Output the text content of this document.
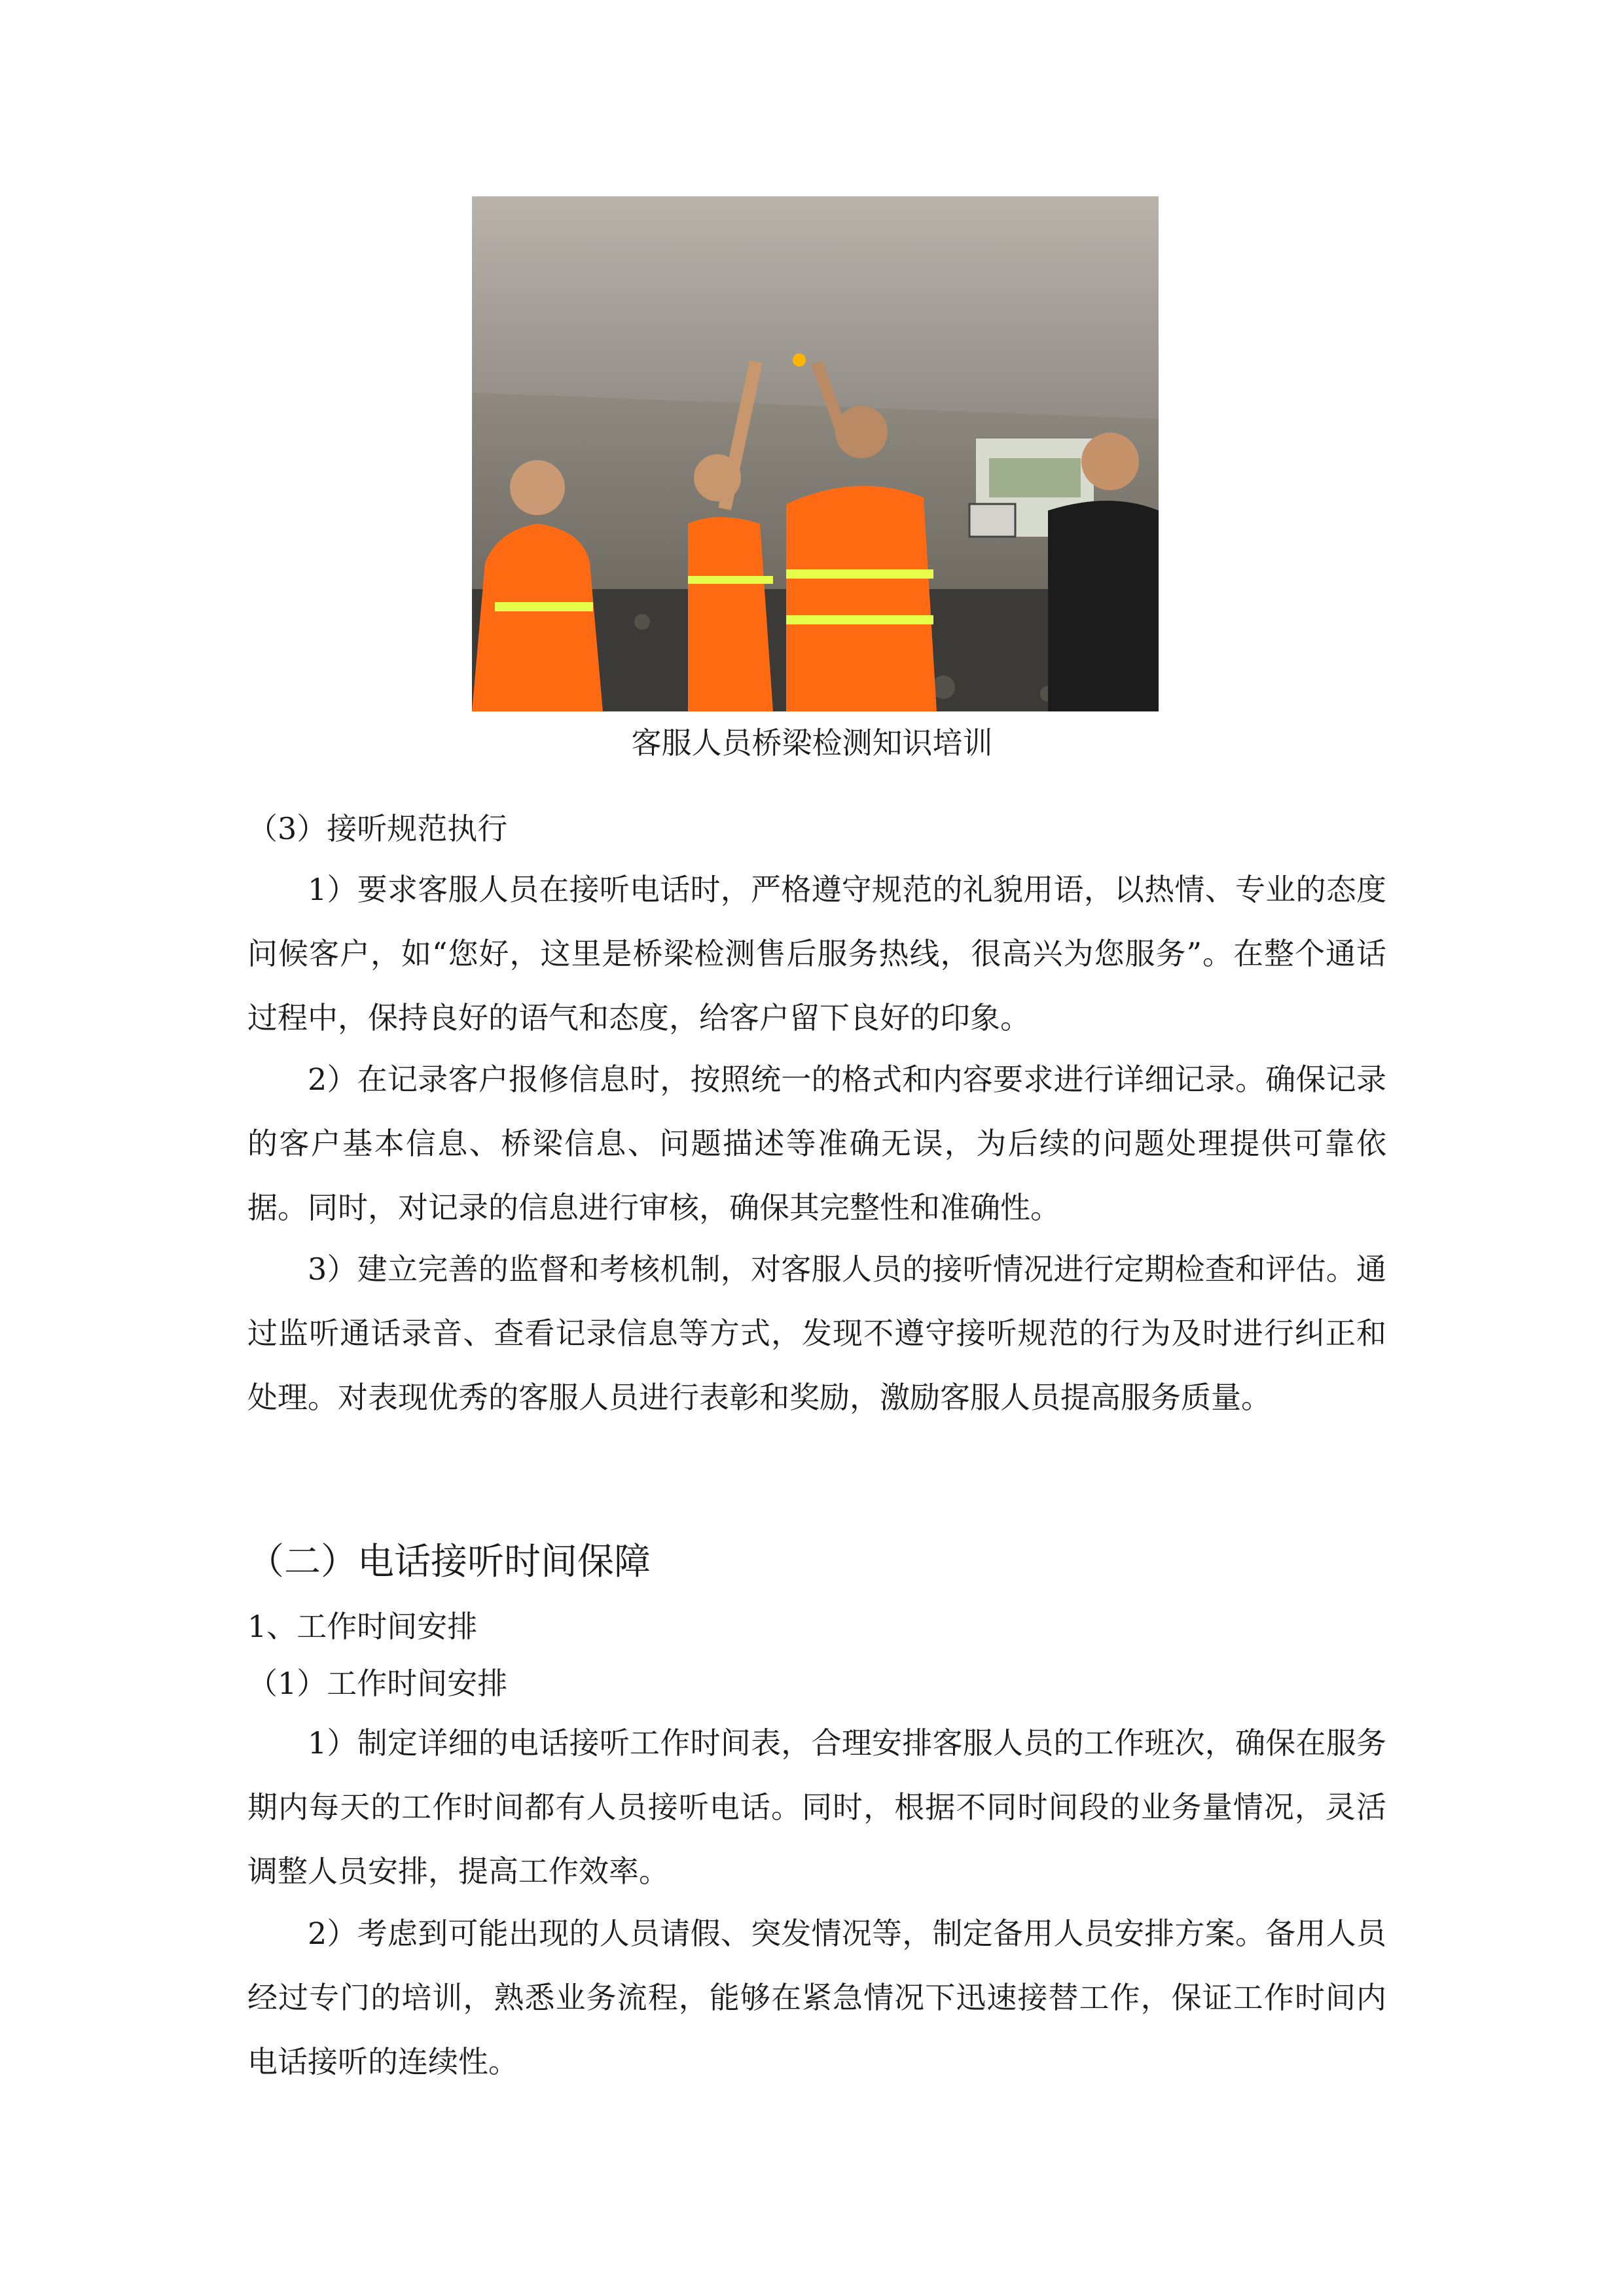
客服人员桥梁检测知识培训
（3）接听规范执行

1）要求客服人员在接听电话时，严格遵守规范的礼貌用语，以热情、专业的态度问候客户，如“您好，这里是桥梁检测售后服务热线，很高兴为您服务”。在整个通话过程中，保持良好的语气和态度，给客户留下良好的印象。

2）在记录客户报修信息时，按照统一的格式和内容要求进行详细记录。确保记录的客户基本信息、桥梁信息、问题描述等准确无误，为后续的问题处理提供可靠依据。同时，对记录的信息进行审核，确保其完整性和准确性。

3）建立完善的监督和考核机制，对客服人员的接听情况进行定期检查和评估。通过监听通话录音、查看记录信息等方式，发现不遵守接听规范的行为及时进行纠正和处理。对表现优秀的客服人员进行表彰和奖励，激励客服人员提高服务质量。

（二）电话接听时间保障
1、工作时间安排
（1）工作时间安排

1）制定详细的电话接听工作时间表，合理安排客服人员的工作班次，确保在服务期内每天的工作时间都有人员接听电话。同时，根据不同时间段的业务量情况，灵活调整人员安排，提高工作效率。

2）考虑到可能出现的人员请假、突发情况等，制定备用人员安排方案。备用人员经过专门的培训，熟悉业务流程，能够在紧急情况下迅速接替工作，保证工作时间内电话接听的连续性。
